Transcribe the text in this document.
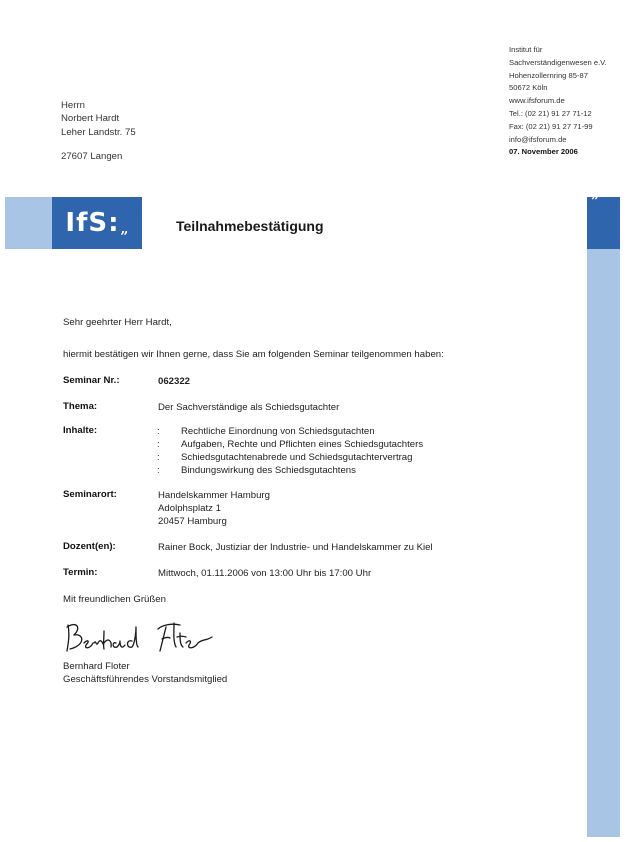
Institut für
Sachverständigenwesen e.V.
Hohenzollernring 85-87
50672 Köln
www.ifsforum.de
Tel.: (02 21) 91 27 71-12
Fax: (02 21) 91 27 71-99
info@ifsforum.de
07. November 2006
Herrn
Norbert Hardt
Leher Landstr. 75
27607 Langen
IfS: „
”
Teilnahmebestätigung
Sehr geehrter Herr Hardt,
hiermit bestätigen wir Ihnen gerne, dass Sie am folgenden Seminar teilgenommen haben:
Seminar Nr.:	062322
Thema:	Der Sachverständige als Schiedsgutachter
Inhalte:	:	Rechtliche Einordnung von Schiedsgutachten
:	Aufgaben, Rechte und Pflichten eines Schiedsgutachters
:	Schiedsgutachtenabrede und Schiedsgutachtervertrag
:	Bindungswirkung des Schiedsgutachtens
Seminarort:	Handelskammer Hamburg
Adolphsplatz 1
20457 Hamburg
Dozent(en):	Rainer Bock, Justiziar der Industrie- und Handelskammer zu Kiel
Termin:	Mittwoch, 01.11.2006 von 13:00 Uhr bis 17:00 Uhr
Mit freundlichen Grüßen
Bernhard Floter
Geschäftsführendes Vorstandsmitglied
